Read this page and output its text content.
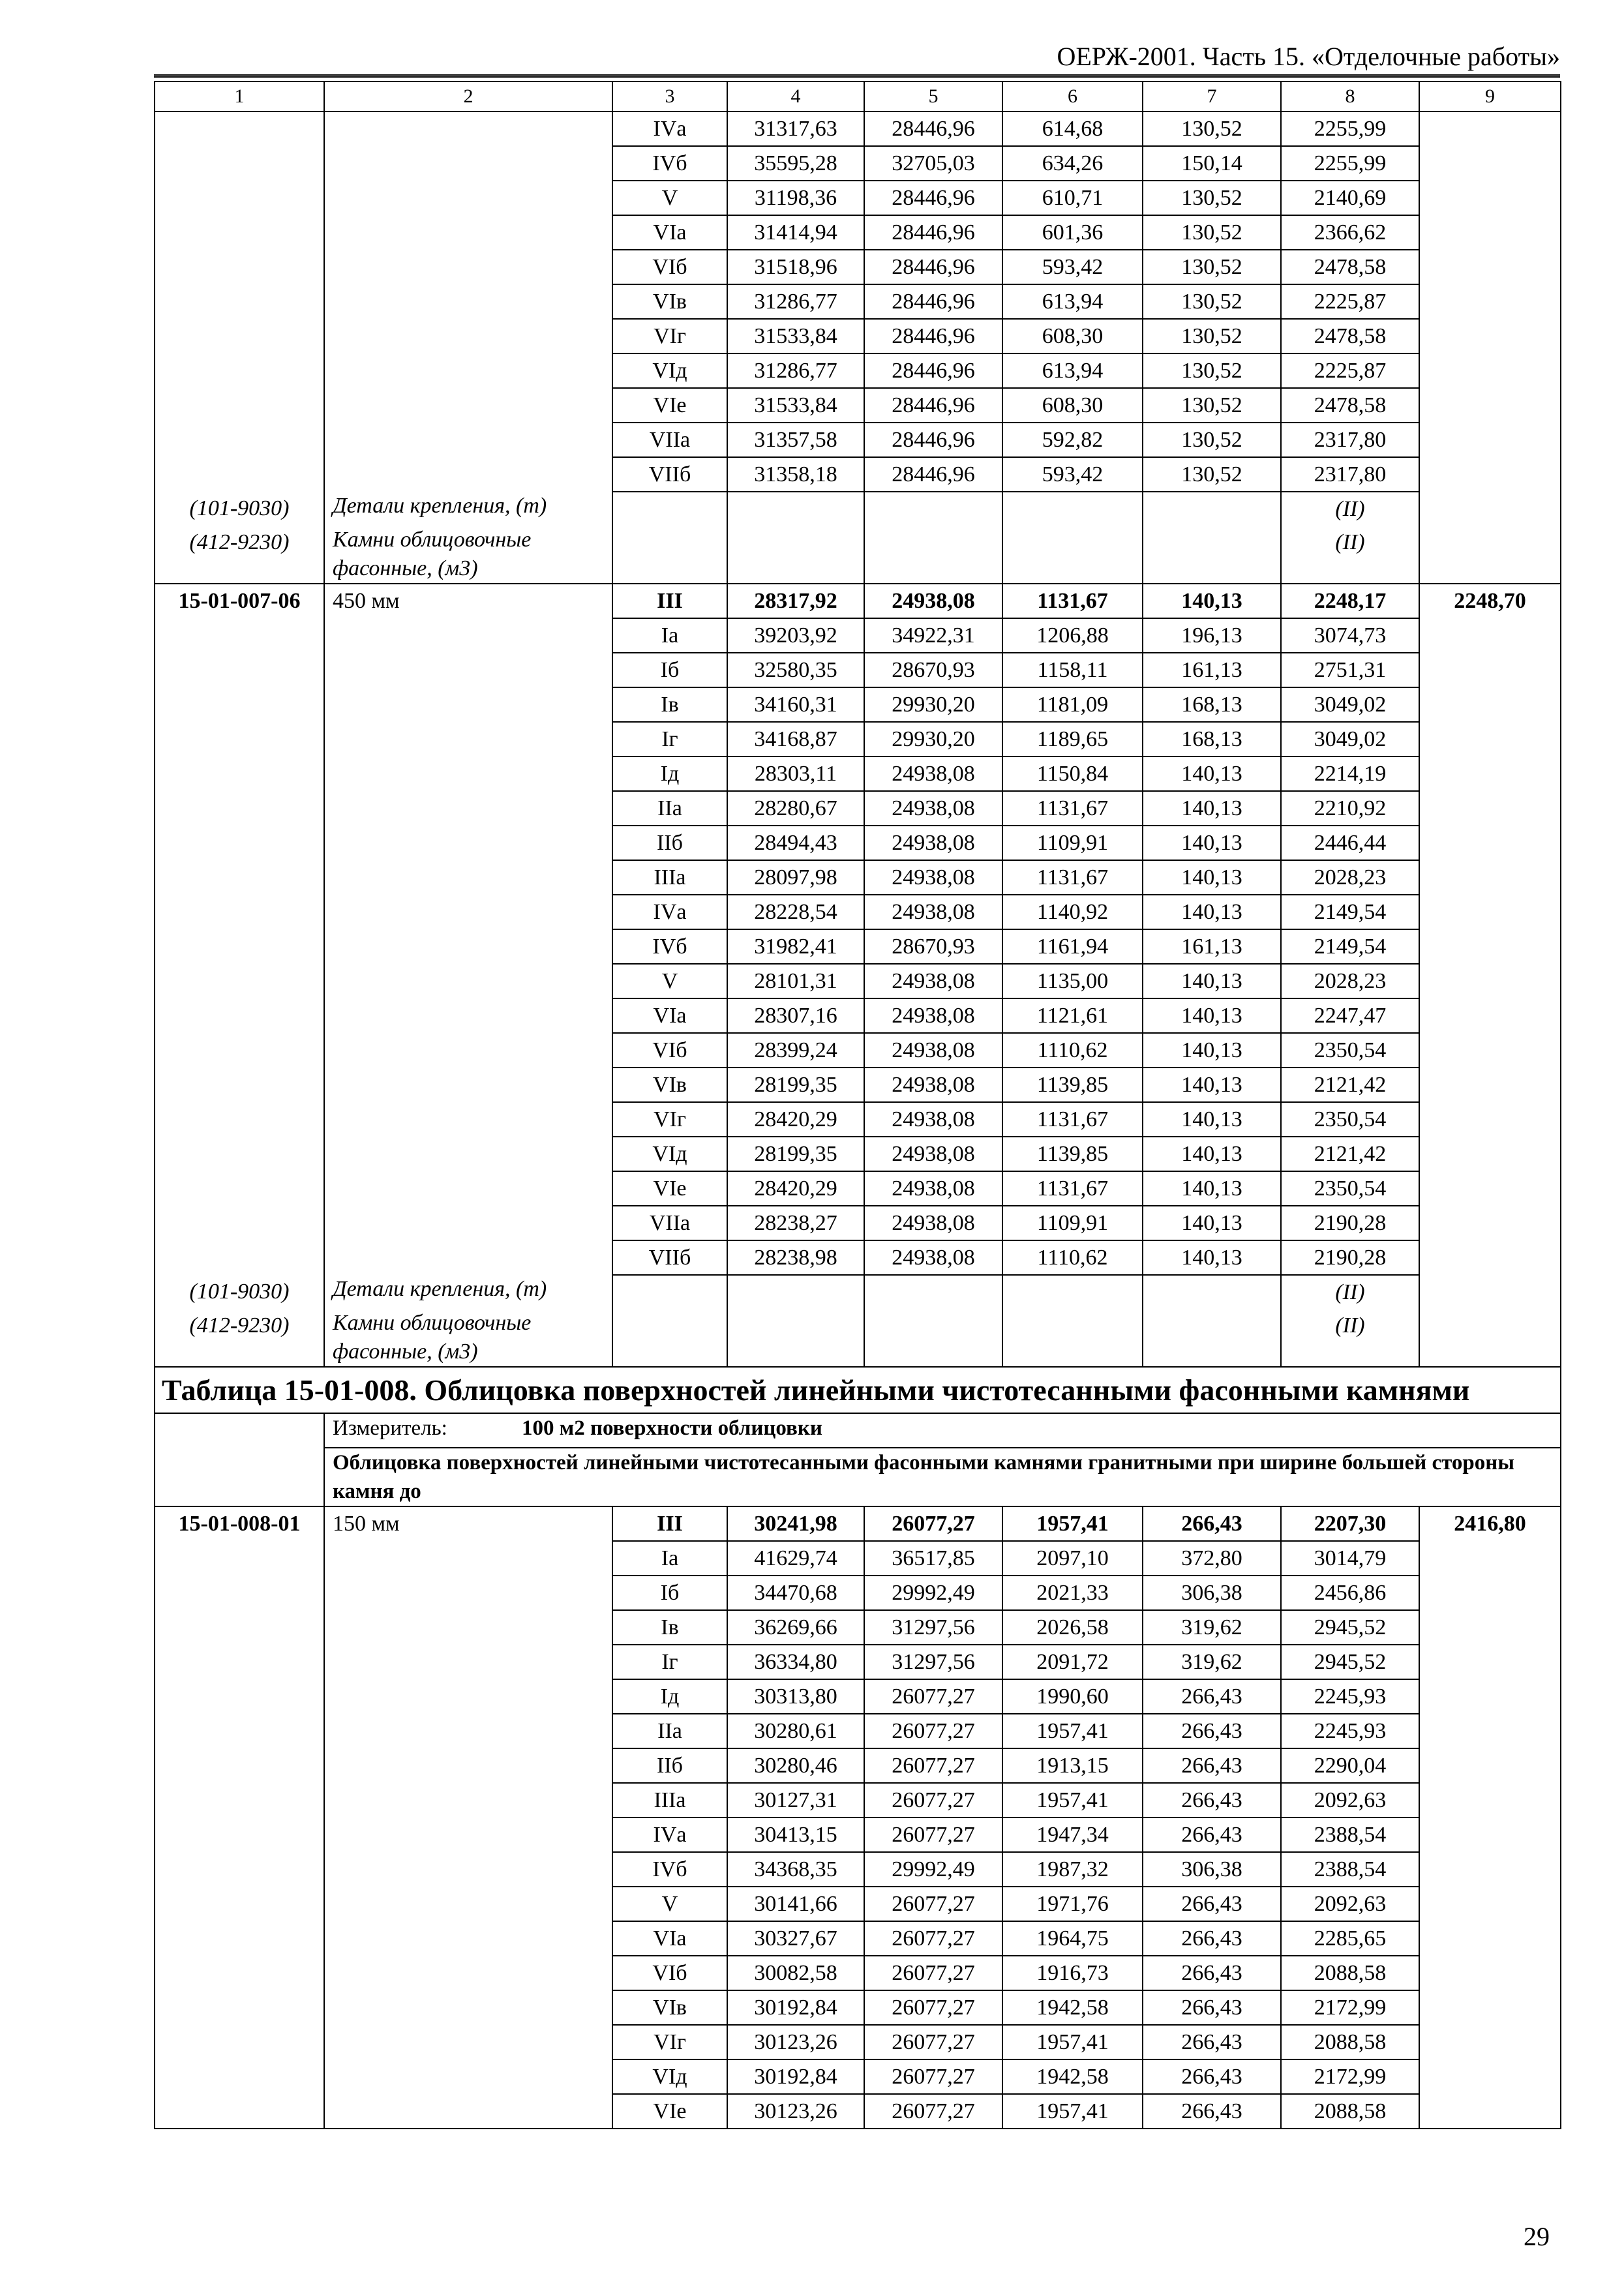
ОЕРЖ-2001. Часть 15. «Отделочные работы»
1	2	3	4	5	6	7	8	9
		IVа	31317,63	28446,96	614,68	130,52	2255,99	
		IVб	35595,28	32705,03	634,26	150,14	2255,99	
		V	31198,36	28446,96	610,71	130,52	2140,69	
		VIа	31414,94	28446,96	601,36	130,52	2366,62	
		VIб	31518,96	28446,96	593,42	130,52	2478,58	
		VIв	31286,77	28446,96	613,94	130,52	2225,87	
		VIг	31533,84	28446,96	608,30	130,52	2478,58	
		VIд	31286,77	28446,96	613,94	130,52	2225,87	
		VIе	31533,84	28446,96	608,30	130,52	2478,58	
		VIIа	31357,58	28446,96	592,82	130,52	2317,80	
		VIIб	31358,18	28446,96	593,42	130,52	2317,80	
(101-9030)	Детали крепления, (т)						(II)	
(412-9230)	Камни облицовочные фасонные, (м3)						(II)	
15-01-007-06	450 мм	III	28317,92	24938,08	1131,67	140,13	2248,17	2248,70
		Iа	39203,92	34922,31	1206,88	196,13	3074,73	
		Iб	32580,35	28670,93	1158,11	161,13	2751,31	
		Iв	34160,31	29930,20	1181,09	168,13	3049,02	
		Iг	34168,87	29930,20	1189,65	168,13	3049,02	
		Iд	28303,11	24938,08	1150,84	140,13	2214,19	
		IIа	28280,67	24938,08	1131,67	140,13	2210,92	
		IIб	28494,43	24938,08	1109,91	140,13	2446,44	
		IIIа	28097,98	24938,08	1131,67	140,13	2028,23	
		IVа	28228,54	24938,08	1140,92	140,13	2149,54	
		IVб	31982,41	28670,93	1161,94	161,13	2149,54	
		V	28101,31	24938,08	1135,00	140,13	2028,23	
		VIа	28307,16	24938,08	1121,61	140,13	2247,47	
		VIб	28399,24	24938,08	1110,62	140,13	2350,54	
		VIв	28199,35	24938,08	1139,85	140,13	2121,42	
		VIг	28420,29	24938,08	1131,67	140,13	2350,54	
		VIд	28199,35	24938,08	1139,85	140,13	2121,42	
		VIе	28420,29	24938,08	1131,67	140,13	2350,54	
		VIIа	28238,27	24938,08	1109,91	140,13	2190,28	
		VIIб	28238,98	24938,08	1110,62	140,13	2190,28	
(101-9030)	Детали крепления, (т)						(II)	
(412-9230)	Камни облицовочные фасонные, (м3)						(II)	
Таблица 15-01-008. Облицовка поверхностей линейными чистотесанными фасонными камнями								
	Измеритель: 100 м2 поверхности облицовки							
	Облицовка поверхностей линейными чистотесанными фасонными камнями гранитными при ширине большей стороны камня до							
15-01-008-01	150 мм	III	30241,98	26077,27	1957,41	266,43	2207,30	2416,80
		Iа	41629,74	36517,85	2097,10	372,80	3014,79	
		Iб	34470,68	29992,49	2021,33	306,38	2456,86	
		Iв	36269,66	31297,56	2026,58	319,62	2945,52	
		Iг	36334,80	31297,56	2091,72	319,62	2945,52	
		Iд	30313,80	26077,27	1990,60	266,43	2245,93	
		IIа	30280,61	26077,27	1957,41	266,43	2245,93	
		IIб	30280,46	26077,27	1913,15	266,43	2290,04	
		IIIа	30127,31	26077,27	1957,41	266,43	2092,63	
		IVа	30413,15	26077,27	1947,34	266,43	2388,54	
		IVб	34368,35	29992,49	1987,32	306,38	2388,54	
		V	30141,66	26077,27	1971,76	266,43	2092,63	
		VIа	30327,67	26077,27	1964,75	266,43	2285,65	
		VIб	30082,58	26077,27	1916,73	266,43	2088,58	
		VIв	30192,84	26077,27	1942,58	266,43	2172,99	
		VIг	30123,26	26077,27	1957,41	266,43	2088,58	
		VIд	30192,84	26077,27	1942,58	266,43	2172,99	
		VIе	30123,26	26077,27	1957,41	266,43	2088,58	
29
